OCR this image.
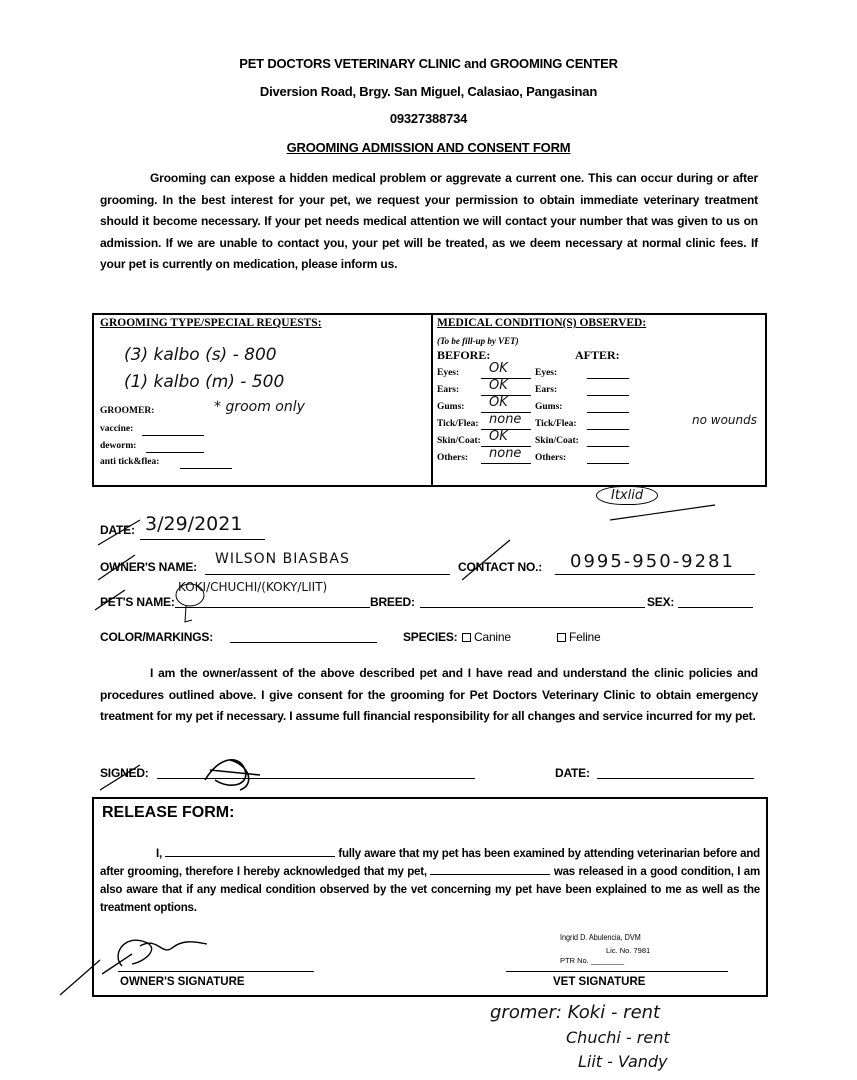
PET DOCTORS VETERINARY CLINIC and GROOMING CENTER
Diversion Road, Brgy. San Miguel, Calasiao, Pangasinan
09327388734
GROOMING ADMISSION AND CONSENT FORM
Grooming can expose a hidden medical problem or aggrevate a current one. This can occur during or after grooming. In the best interest for your pet, we request your permission to obtain immediate veterinary treatment should it become necessary. If your pet needs medical attention we will contact your number that was given to us on admission. If we are unable to contact you, your pet will be treated, as we deem necessary at normal clinic fees. If your pet is currently on medication, please inform us.
GROOMING TYPE/SPECIAL REQUESTS:
(3) kalbo (s) - 800
(1) kalbo (m) - 500
GROOMER:	* groom only
vaccine:
deworm:
anti tick&flea:
MEDICAL CONDITION(S) OBSERVED:
(To be fill-up by VET)
BEFORE:	AFTER:
Eyes: OK	Eyes:
Ears: OK	Ears:
Gums: OK	Gums:
Tick/Flea: none Tick/Flea:
Skin/Coat: OK	Skin/Coat:
Others: none Others:
no wounds
Itxlid
DATE: 3/29/2021
OWNER'S NAME: WILSON BIASBAS	CONTACT NO.: 0995-950-9281
PET'S NAME:
KOKI/CHUCHI/(KOKY/LIIT)
BREED:	SEX:
COLOR/MARKINGS:	SPECIES:	Canine	Feline
I am the owner/assent of the above described pet and I have read and understand the clinic policies and procedures outlined above. I give consent for the grooming for Pet Doctors Veterinary Clinic to obtain emergency treatment for my pet if necessary. I assume full financial responsibility for all changes and service incurred for my pet.
SIGNED:	DATE:
RELEASE FORM:
I,	fully aware that my pet has been examined by attending veterinarian before and after grooming, therefore I hereby acknowledged that my pet,	was released in a good condition, I am also aware that if any medical condition observed by the vet concerning my pet have been explained to me as well as the treatment options.
Ingrid D. Abulencia, DVM
Lic. No. 7981
PTR No. ________
OWNER'S SIGNATURE	VET SIGNATURE
gromer: Koki - rent
Chuchi - rent
Liit - Vandy
